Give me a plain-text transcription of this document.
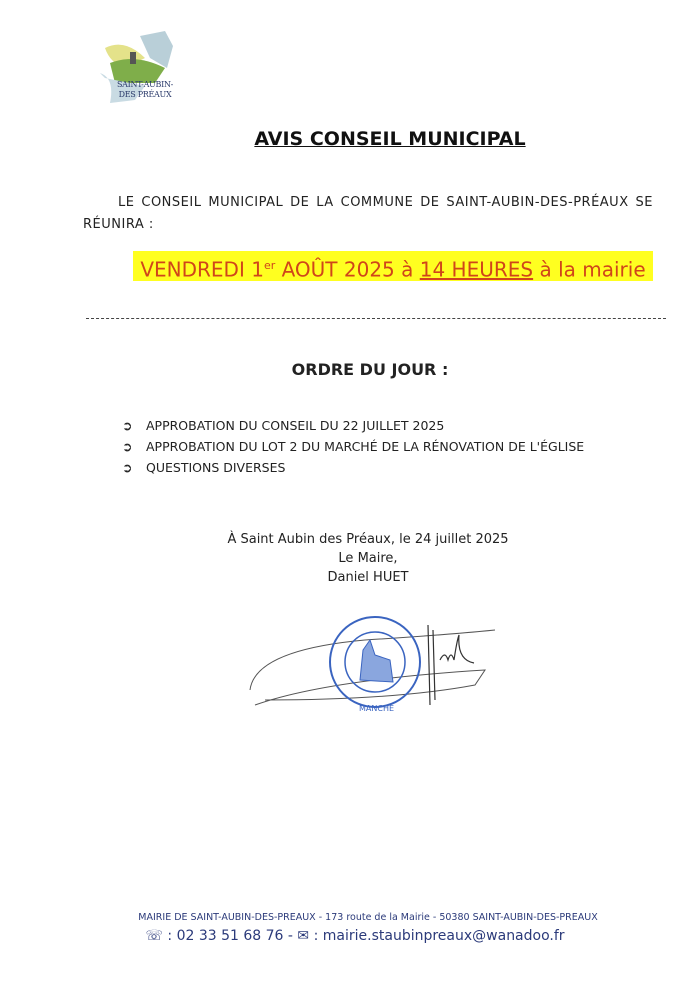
SAINT-AUBIN-
DES PRÉAUX
AVIS CONSEIL MUNICIPAL
LE CONSEIL MUNICIPAL DE LA COMMUNE DE SAINT-AUBIN-DES-PRÉAUX SE RÉUNIRA :
VENDREDI 1er AOÛT 2025 à 14 HEURES à la mairie
ORDRE DU JOUR :
➲ APPROBATION DU CONSEIL DU 22 JUILLET 2025
➲ APPROBATION DU LOT 2 DU MARCHÉ DE LA RÉNOVATION DE L'ÉGLISE
➲ QUESTIONS DIVERSES
À Saint Aubin des Préaux, le 24 juillet 2025
Le Maire,
Daniel HUET
MANCHE
MAIRIE DE SAINT-AUBIN-DES-PREAUX - 173 route de la Mairie - 50380 SAINT-AUBIN-DES-PREAUX
☏ : 02 33 51 68 76 - ✉ : mairie.staubinpreaux@wanadoo.fr
